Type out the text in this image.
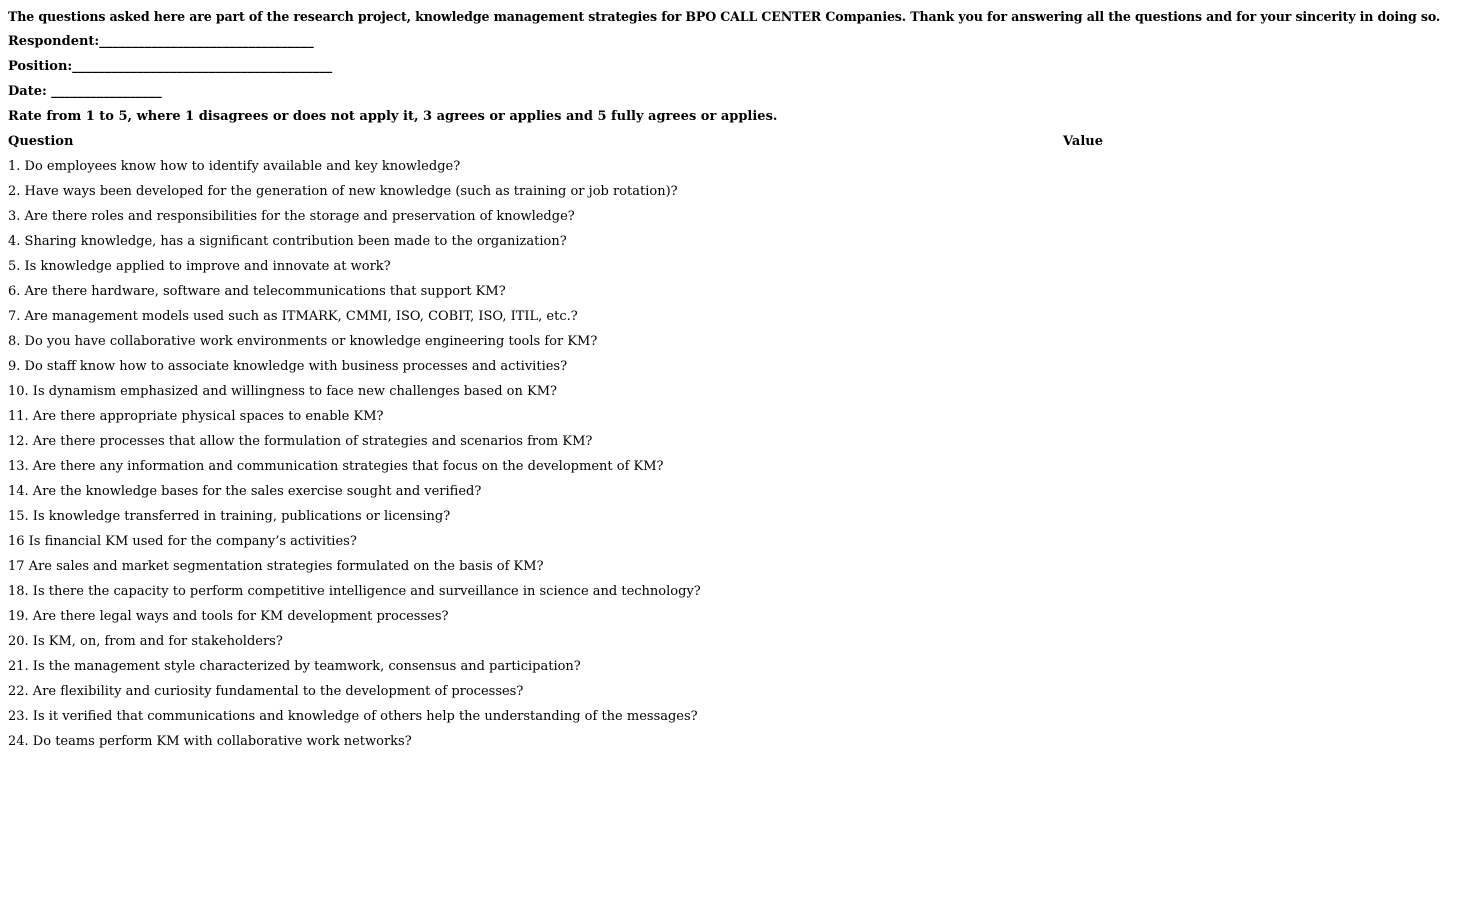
The questions asked here are part of the research project, knowledge management strategies for BPO CALL CENTER Companies. Thank you for answering all the questions and for your sincerity in doing so.
Respondent:_________________________________
Position:________________________________________
Date: _________________
Rate from 1 to 5, where 1 disagrees or does not apply it, 3 agrees or applies and 5 fully agrees or applies.
Question	Value
1. Do employees know how to identify available and key knowledge?
2. Have ways been developed for the generation of new knowledge (such as training or job rotation)?
3. Are there roles and responsibilities for the storage and preservation of knowledge?
4. Sharing knowledge, has a significant contribution been made to the organization?
5. Is knowledge applied to improve and innovate at work?
6. Are there hardware, software and telecommunications that support KM?
7. Are management models used such as ITMARK, CMMI, ISO, COBIT, ISO, ITIL, etc.?
8. Do you have collaborative work environments or knowledge engineering tools for KM?
9. Do staff know how to associate knowledge with business processes and activities?
10. Is dynamism emphasized and willingness to face new challenges based on KM?
11. Are there appropriate physical spaces to enable KM?
12. Are there processes that allow the formulation of strategies and scenarios from KM?
13. Are there any information and communication strategies that focus on the development of KM?
14. Are the knowledge bases for the sales exercise sought and verified?
15. Is knowledge transferred in training, publications or licensing?
16 Is financial KM used for the company’s activities?
17 Are sales and market segmentation strategies formulated on the basis of KM?
18. Is there the capacity to perform competitive intelligence and surveillance in science and technology?
19. Are there legal ways and tools for KM development processes?
20. Is KM, on, from and for stakeholders?
21. Is the management style characterized by teamwork, consensus and participation?
22. Are flexibility and curiosity fundamental to the development of processes?
23. Is it verified that communications and knowledge of others help the understanding of the messages?
24. Do teams perform KM with collaborative work networks?
